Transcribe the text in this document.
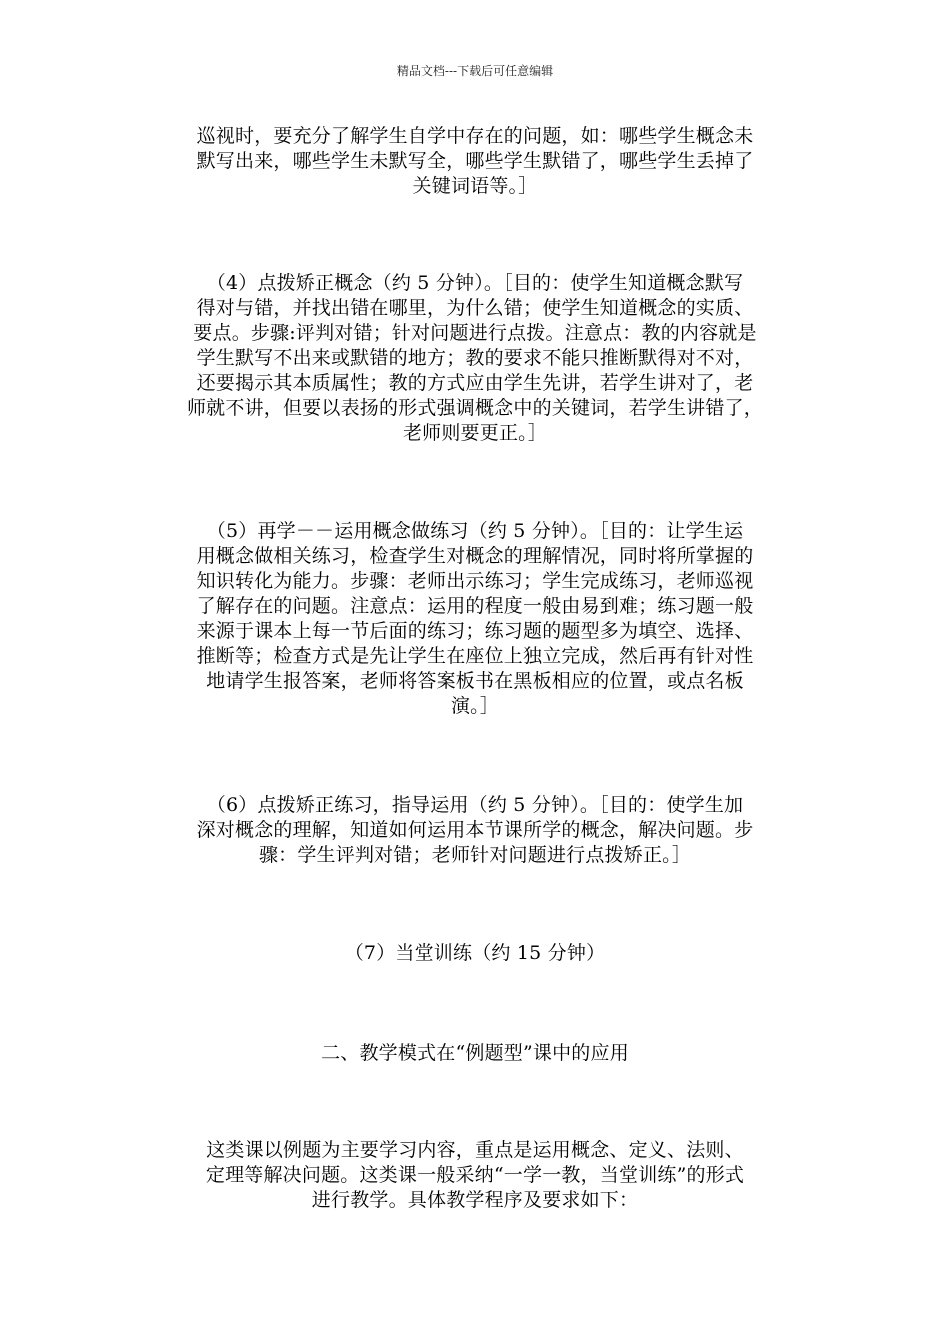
精品文档---下载后可任意编辑
巡视时，要充分了解学生自学中存在的问题，如：哪些学生概念未
默写出来，哪些学生未默写全，哪些学生默错了，哪些学生丢掉了
关键词语等。］
（4）点拨矫正概念（约 5 分钟）。［目的：使学生知道概念默写
得对与错，并找出错在哪里，为什么错；使学生知道概念的实质、
要点。步骤:评判对错；针对问题进行点拨。注意点：教的内容就是
学生默写不出来或默错的地方；教的要求不能只推断默得对不对，
还要揭示其本质属性；教的方式应由学生先讲，若学生讲对了，老
师就不讲，但要以表扬的形式强调概念中的关键词，若学生讲错了，
老师则要更正。］
（5）再学－－运用概念做练习（约 5 分钟）。［目的：让学生运
用概念做相关练习，检查学生对概念的理解情况，同时将所掌握的
知识转化为能力。步骤：老师出示练习；学生完成练习，老师巡视
了解存在的问题。注意点：运用的程度一般由易到难；练习题一般
来源于课本上每一节后面的练习；练习题的题型多为填空、选择、
推断等；检查方式是先让学生在座位上独立完成，然后再有针对性
地请学生报答案，老师将答案板书在黑板相应的位置，或点名板
演。］
（6）点拨矫正练习，指导运用（约 5 分钟）。［目的：使学生加
深对概念的理解，知道如何运用本节课所学的概念，解决问题。步
骤：学生评判对错；老师针对问题进行点拨矫正。］
（7）当堂训练（约 15 分钟）
二、教学模式在“例题型”课中的应用
这类课以例题为主要学习内容，重点是运用概念、定义、法则、
定理等解决问题。这类课一般采纳“一学一教，当堂训练”的形式
进行教学。具体教学程序及要求如下：
